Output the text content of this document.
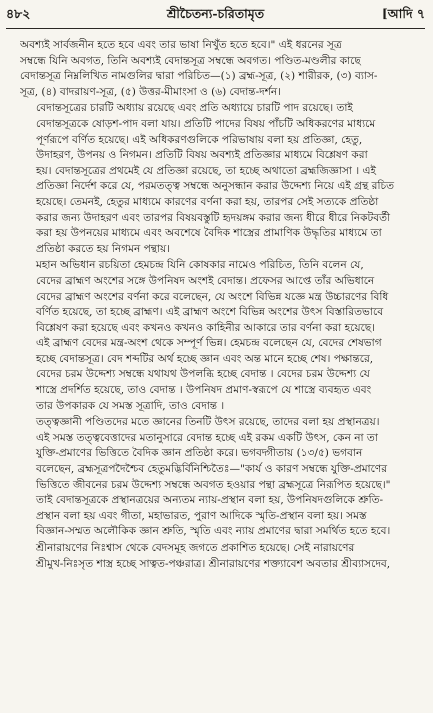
৪৮২	শ্রীচৈতন্য-চরিতামৃত	[আদি ৭
অবশ্যই সার্বজনীন হতে হবে এবং তার ভাষা নিখুঁত হতে হবে।" এই ধরনের সূত্র
সম্বন্ধে যিনি অবগত, তিনি অবশ্যই বেদান্তসূত্র সম্বন্ধে অবগত। পণ্ডিত-মণ্ডলীর কাছে
বেদান্তসূত্র নিম্নলিখিত নামগুলির দ্বারা পরিচিত—(১) ব্রহ্ম-সূত্র, (২) শারীরক, (৩) ব্যাস-
সূত্র, (৪) বাদরায়ণ-সূত্র, (৫) উত্তর-মীমাংসা ও (৬) বেদান্ত-দর্শন।
বেদান্তসূত্রের চারটি অধ্যায় রয়েছে এবং প্রতি অধ্যায়ে চারটি পাদ রয়েছে। তাই
বেদান্তসূত্রকে ষোড়শ-পাদ বলা যায়। প্রতিটি পাদের বিষয় পাঁচটি অধিকরণের মাধ্যমে
পূর্ণরূপে বর্ণিত হয়েছে। এই অধিকরণগুলিকে পরিভাষায় বলা হয় প্রতিজ্ঞা, হেতু,
উদাহরণ, উপনয় ও নিগমন। প্রতিটি বিষয় অবশ্যই প্রতিজ্ঞার মাধ্যমে বিশ্লেষণ করা
হয়। বেদান্তসূত্রের প্রথমেই যে প্রতিজ্ঞা রয়েছে, তা হচ্ছে অথাতো ব্রহ্মজিজ্ঞাসা । এই
প্রতিজ্ঞা নির্দেশ করে যে, পরমতত্ত্ব সম্বন্ধে অনুসন্ধান করার উদ্দেশ্য নিয়ে এই গ্রন্থ রচিত
হয়েছে। তেমনই, হেতুর মাধ্যমে কারণের বর্ণনা করা হয়, তারপর সেই সত্যকে প্রতিষ্ঠা
করার জন্য উদাহরণ এবং তারপর বিষয়বস্তুটি হৃদয়ঙ্গম করার জন্য ধীরে ধীরে নিকটবর্তী
করা হয় উপনয়ের মাধ্যমে এবং অবশেষে বৈদিক শাস্ত্রের প্রামাণিক উদ্ধৃতির মাধ্যমে তা
প্রতিষ্ঠা করতে হয় নিগমন পন্থায়।
মহান অভিধান রচয়িতা হেমচন্দ্র যিনি কোষকার নামেও পরিচিত, তিনি বলেন যে,
বেদের ব্রাহ্মণ অংশের সঙ্গে উপনিষদ অংশই বেদান্ত। প্রফেসর আপ্তে তাঁর অভিধানে
বেদের ব্রাহ্মণ অংশের বর্ণনা করে বলেছেন, যে অংশে বিভিন্ন যজ্ঞে মন্ত্র উচ্চারণের বিধি
বর্ণিত হয়েছে, তা হচ্ছে ব্রাহ্মণ। এই ব্রাহ্মণ অংশে বিভিন্ন অংশের উৎস বিস্তারিতভাবে
বিশ্লেষণ করা হয়েছে এবং কখনও কখনও কাহিনীর আকারে তার বর্ণনা করা হয়েছে।
এই ব্রাহ্মণ বেদের মন্ত্র-অংশ থেকে সম্পূর্ণ ভিন্ন। হেমচন্দ্র বলেছেন যে, বেদের শেষভাগ
হচ্ছে বেদান্তসূত্র। বেদ শব্দটির অর্থ হচ্ছে জ্ঞান এবং অন্ত মানে হচ্ছে শেষ। পক্ষান্তরে,
বেদের চরম উদ্দেশ্য সম্বন্ধে যথাযথ উপলব্ধি হচ্ছে বেদান্ত । বেদের চরম উদ্দেশ্য যে
শাস্ত্রে প্রদর্শিত হয়েছে, তাও বেদান্ত । উপনিষদ প্রমাণ-স্বরূপে যে শাস্ত্রে ব্যবহৃত এবং
তার উপকারক যে সমস্ত সূত্রাদি, তাও বেদান্ত ।
তত্ত্বজ্ঞানী পণ্ডিতদের মতে জ্ঞানের তিনটি উৎস রয়েছে, তাদের বলা হয় প্রস্থানত্রয়।
এই সমস্ত তত্ত্ববেত্তাদের মতানুসারে বেদান্ত হচ্ছে এই রকম একটি উৎস, কেন না তা
যুক্তি-প্রমাণের ভিত্তিতে বৈদিক জ্ঞান প্রতিষ্ঠা করে। ভগবদ্গীতায় (১৩/৫) ভগবান
বলেছেন, ব্রহ্মসূত্রপদৈশ্চৈব হেতুমদ্ভির্বিনিশ্চিতৈঃ—"কার্য ও কারণ সম্বন্ধে যুক্তি-প্রমাণের
ভিত্তিতে জীবনের চরম উদ্দেশ্য সম্বন্ধে অবগত হওয়ার পন্থা ব্রহ্মসূত্রে নিরূপিত হয়েছে।"
তাই বেদান্তসূত্রকে প্রস্থানত্রয়ের অন্যতম ন্যায়-প্রস্থান বলা হয়, উপনিষদগুলিকে শ্রুতি-
প্রস্থান বলা হয় এবং গীতা, মহাভারত, পুরাণ আদিকে স্মৃতি-প্রস্থান বলা হয়। সমস্ত
বিজ্ঞান-সম্মত অলৌকিক জ্ঞান শ্রুতি, স্মৃতি এবং ন্যায় প্রমাণের দ্বারা সমর্থিত হতে হবে।
শ্রীনারায়ণের নিঃশ্বাস থেকে বেদসমূহ জগতে প্রকাশিত হয়েছে। সেই নারায়ণের
শ্রীমুখ-নিঃসৃত শাস্ত্র হচ্ছে সাত্বত-পঞ্চরাত্র। শ্রীনারায়ণের শক্ত্যাবেশ অবতার শ্রীব্যাসদেব,
